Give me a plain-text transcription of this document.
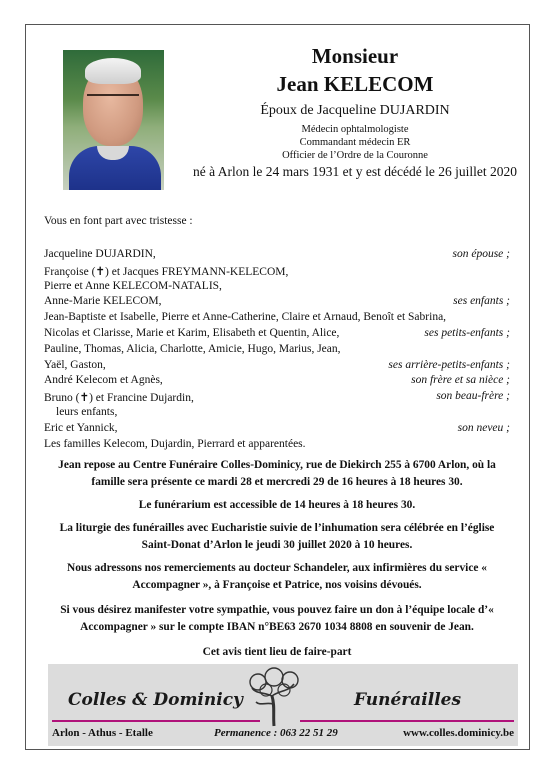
Monsieur
Jean KELECOM
Époux de Jacqueline DUJARDIN
Médecin ophtalmologiste
Commandant médecin ER
Officier de l’Ordre de la Couronne
né à Arlon le 24 mars 1931 et y est décédé le 26 juillet 2020
Vous en font part avec tristesse :
Jacqueline DUJARDIN,	son épouse ;
Françoise (✝) et Jacques FREYMANN-KELECOM,
Pierre et Anne KELECOM-NATALIS,
Anne-Marie KELECOM,	ses enfants ;
Jean-Baptiste et Isabelle, Pierre et Anne-Catherine, Claire et Arnaud, Benoît et Sabrina,
Nicolas et Clarisse, Marie et Karim, Elisabeth et Quentin, Alice,	ses petits-enfants ;
Pauline, Thomas, Alicia, Charlotte, Amicie, Hugo, Marius, Jean,
Yaël, Gaston,	ses arrière-petits-enfants ;
André Kelecom et Agnès,	son frère et sa nièce ;
Bruno (✝) et Francine Dujardin,	son beau-frère ;
leurs enfants,
Eric et Yannick,	son neveu ;
Les familles Kelecom, Dujardin, Pierrard et apparentées.
Jean repose au Centre Funéraire Colles-Dominicy, rue de Diekirch 255 à 6700 Arlon, où la famille sera présente ce mardi 28 et mercredi 29 de 16 heures à 18 heures 30.
Le funérarium est accessible de 14 heures à 18 heures 30.
La liturgie des funérailles avec Eucharistie suivie de l’inhumation sera célébrée en l’église Saint-Donat d’Arlon le jeudi 30 juillet 2020 à 10 heures.
Nous adressons nos remerciements au docteur Schandeler, aux infirmières du service « Accompagner », à Françoise et Patrice, nos voisins dévoués.
Si vous désirez manifester votre sympathie, vous pouvez faire un don à l’équipe locale d’« Accompagner » sur le compte IBAN n°BE63 2670 1034 8808 en souvenir de Jean.
Cet avis tient lieu de faire-part
Colles & Dominicy	Funérailles
Arlon - Athus - Etalle	Permanence : 063 22 51 29	www.colles.dominicy.be
